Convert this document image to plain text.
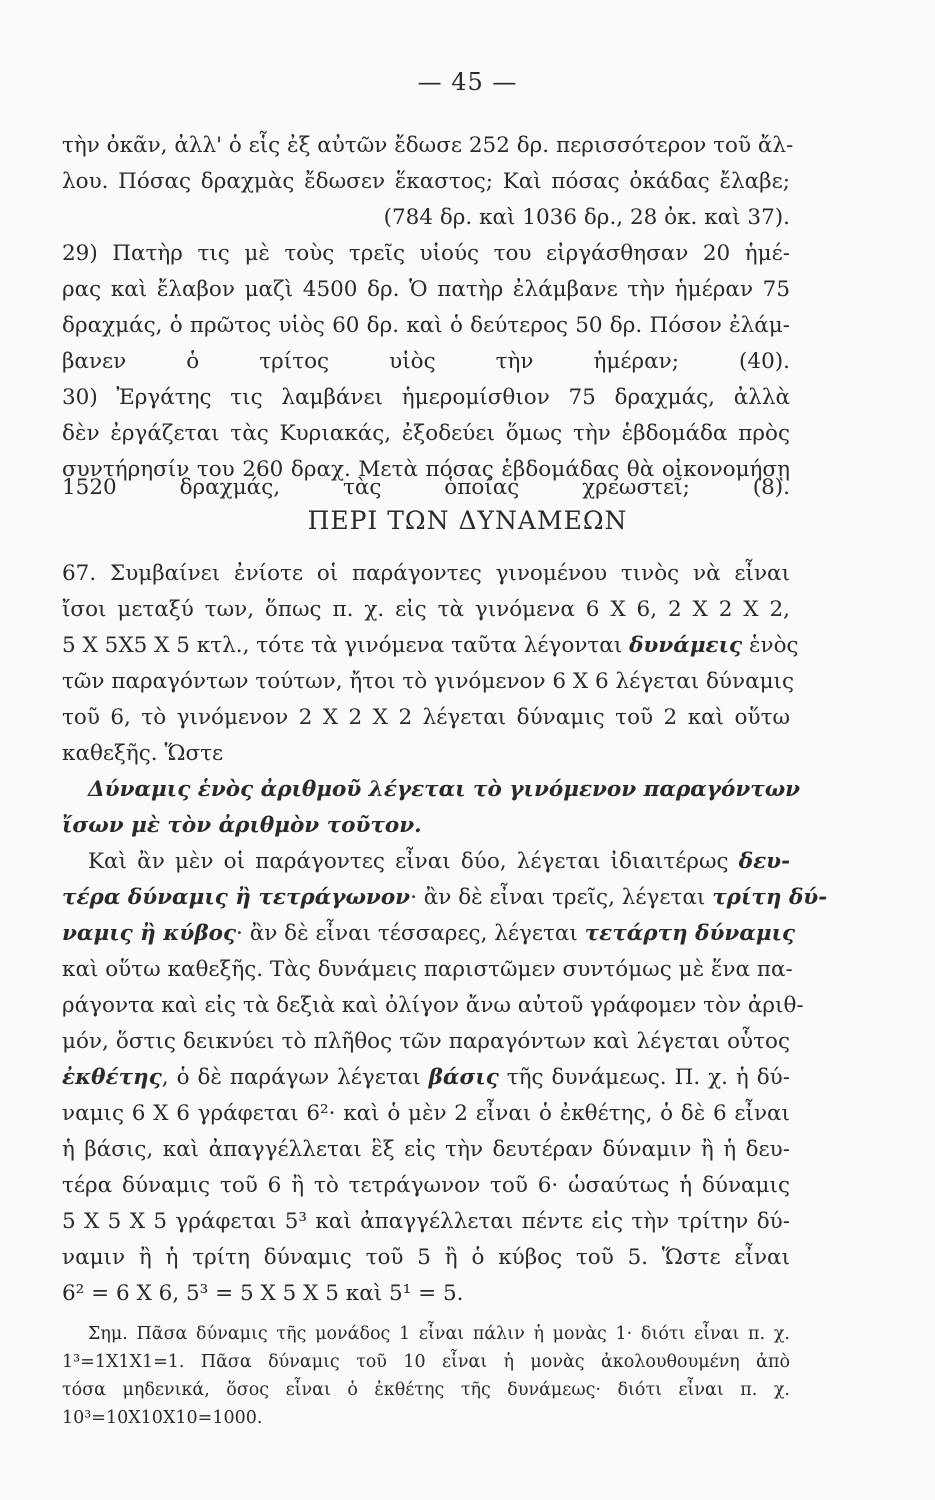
— 45 —
τὴν ὀκᾶν, ἀλλ' ὁ εἷς ἐξ αὐτῶν ἔδωσε 252 δρ. περισσότερον τοῦ ἄλ-
λου. Πόσας δραχμὰς ἔδωσεν ἕκαστος; Καὶ πόσας ὀκάδας ἔλαβε;
(784 δρ. καὶ 1036 δρ., 28 ὀκ. καὶ 37).
29) Πατὴρ τις μὲ τοὺς τρεῖς υἱούς του εἰργάσθησαν 20 ἡμέ-
ρας καὶ ἔλαβον μαζὶ 4500 δρ. Ὁ πατὴρ ἐλάμβανε τὴν ἡμέραν 75
δραχμάς, ὁ πρῶτος υἱὸς 60 δρ. καὶ ὁ δεύτερος 50 δρ. Πόσον ἐλάμ-
βανεν ὁ τρίτος υἱὸς τὴν ἡμέραν; (40).
30) Ἐργάτης τις λαμβάνει ἡμερομίσθιον 75 δραχμάς, ἀλλὰ
δὲν ἐργάζεται τὰς Κυριακάς, ἐξοδεύει ὅμως τὴν ἑβδομάδα πρὸς
συντήρησίν του 260 δραχ. Μετὰ πόσας ἑβδομάδας θὰ οἰκονομήσῃ
1520 δραχμάς, τὰς ὁποίας χρεωστεῖ; (8).
ΠΕΡΙ ΤΩΝ ΔΥΝΑΜΕΩΝ
67. Συμβαίνει ἐνίοτε οἱ παράγοντες γινομένου τινὸς νὰ εἶναι
ἴσοι μεταξύ των, ὅπως π. χ. εἰς τὰ γινόμενα 6 X 6, 2 X 2 X 2,
5 X 5X5 X 5 κτλ., τότε τὰ γινόμενα ταῦτα λέγονται δυνάμεις ἑνὸς
τῶν παραγόντων τούτων, ἤτοι τὸ γινόμενον 6 X 6 λέγεται δύναμις
τοῦ 6, τὸ γινόμενον 2 X 2 X 2 λέγεται δύναμις τοῦ 2 καὶ οὕτω
καθεξῆς. Ὥστε
Δύναμις ἑνὸς ἀριθμοῦ λέγεται τὸ γινόμενον παραγόντων
ἴσων μὲ τὸν ἀριθμὸν τοῦτον.
Καὶ ἂν μὲν οἱ παράγοντες εἶναι δύο, λέγεται ἰδιαιτέρως δευ-
τέρα δύναμις ἢ τετράγωνον· ἂν δὲ εἶναι τρεῖς, λέγεται τρίτη δύ-
ναμις ἢ κύβος· ἂν δὲ εἶναι τέσσαρες, λέγεται τετάρτη δύναμις
καὶ οὕτω καθεξῆς. Τὰς δυνάμεις παριστῶμεν συντόμως μὲ ἕνα πα-
ράγοντα καὶ εἰς τὰ δεξιὰ καὶ ὀλίγον ἄνω αὐτοῦ γράφομεν τὸν ἀριθ-
μόν, ὅστις δεικνύει τὸ πλῆθος τῶν παραγόντων καὶ λέγεται οὗτος
ἐκθέτης, ὁ δὲ παράγων λέγεται βάσις τῆς δυνάμεως. Π. χ. ἡ δύ-
ναμις 6 X 6 γράφεται 6²· καὶ ὁ μὲν 2 εἶναι ὁ ἐκθέτης, ὁ δὲ 6 εἶναι
ἡ βάσις, καὶ ἀπαγγέλλεται ἓξ εἰς τὴν δευτέραν δύναμιν ἢ ἡ δευ-
τέρα δύναμις τοῦ 6 ἢ τὸ τετράγωνον τοῦ 6· ὡσαύτως ἡ δύναμις
5 X 5 X 5 γράφεται 5³ καὶ ἀπαγγέλλεται πέντε εἰς τὴν τρίτην δύ-
ναμιν ἢ ἡ τρίτη δύναμις τοῦ 5 ἢ ὁ κύβος τοῦ 5. Ὥστε εἶναι
6² = 6 X 6, 5³ = 5 X 5 X 5 καὶ 5¹ = 5.
Σημ. Πᾶσα δύναμις τῆς μονάδος 1 εἶναι πάλιν ἡ μονὰς 1· διότι εἶναι π. χ.
1³=1X1X1=1. Πᾶσα δύναμις τοῦ 10 εἶναι ἡ μονὰς ἀκολουθουμένη ἀπὸ
τόσα μηδενικά, ὅσος εἶναι ὁ ἐκθέτης τῆς δυνάμεως· διότι εἶναι π. χ.
10³=10X10X10=1000.
